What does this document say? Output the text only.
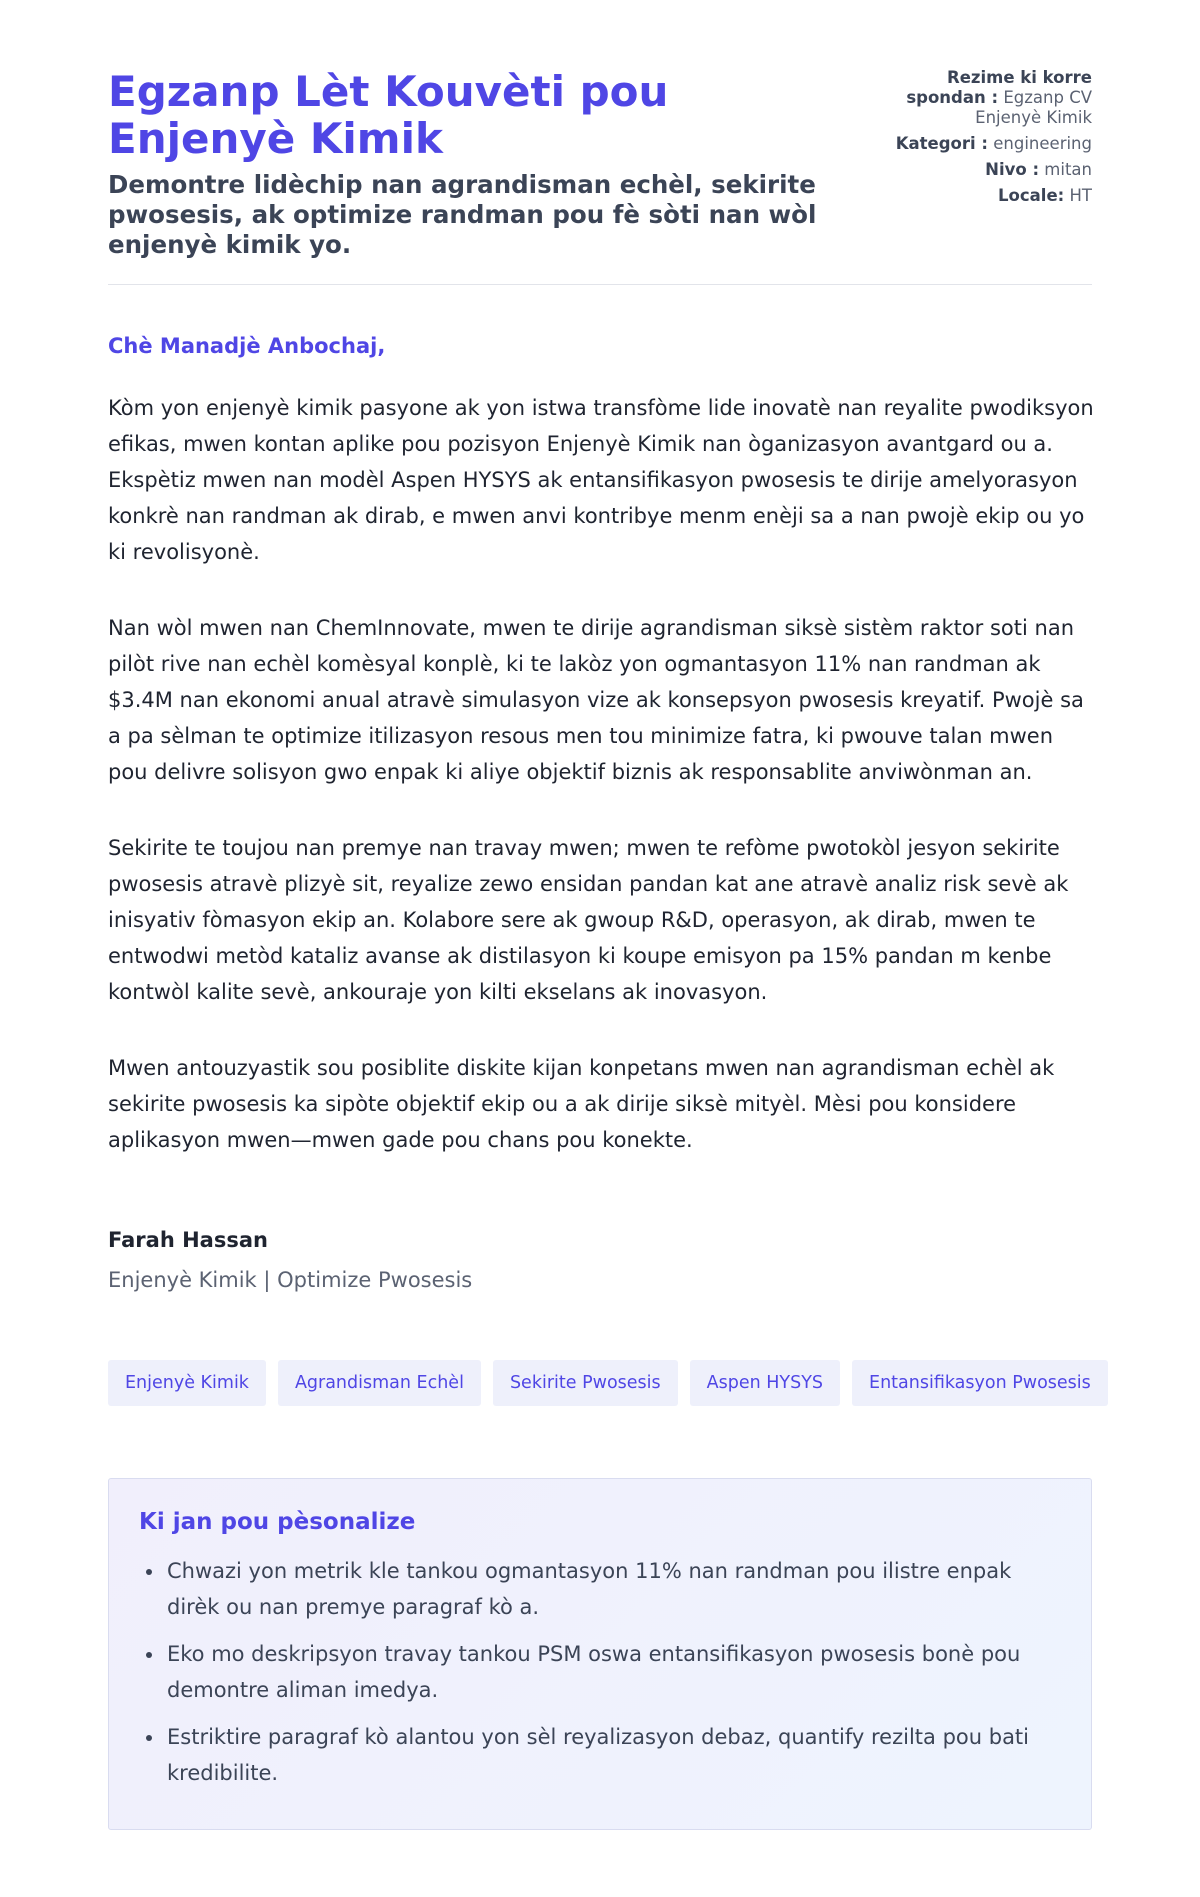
Egzanp Lèt Kouvèti pou Enjenyè Kimik

Demontre lidèchip nan agrandisman echèl, sekirite pwosesis, ak optimize randman pou fè sòti nan wòl enjenyè kimik yo.

Rezime ki korre spondan : Egzanp CV Enjenyè Kimik
Kategori : engineering
Nivo : mitan
Locale: HT
Chè Manadjè Anbochaj,

Kòm yon enjenyè kimik pasyone ak yon istwa transfòme lide inovatè nan reyalite pwodiksyon efikas, mwen kontan aplike pou pozisyon Enjenyè Kimik nan òganizasyon avantgard ou a. Ekspètiz mwen nan modèl Aspen HYSYS ak entansifikasyon pwosesis te dirije amelyorasyon konkrè nan randman ak dirab, e mwen anvi kontribye menm enèji sa a nan pwojè ekip ou yo ki revolisyonè.

Nan wòl mwen nan ChemInnovate, mwen te dirije agrandisman siksè sistèm raktor soti nan pilòt rive nan echèl komèsyal konplè, ki te lakòz yon ogmantasyon 11% nan randman ak $3.4M nan ekonomi anual atravè simulasyon vize ak konsepsyon pwosesis kreyatif. Pwojè sa a pa sèlman te optimize itilizasyon resous men tou minimize fatra, ki pwouve talan mwen pou delivre solisyon gwo enpak ki aliye objektif biznis ak responsablite anviwònman an.

Sekirite te toujou nan premye nan travay mwen; mwen te refòme pwotokòl jesyon sekirite pwosesis atravè plizyè sit, reyalize zewo ensidan pandan kat ane atravè analiz risk sevè ak inisyativ fòmasyon ekip an. Kolabore sere ak gwoup R&D, operasyon, ak dirab, mwen te entwodwi metòd kataliz avanse ak distilasyon ki koupe emisyon pa 15% pandan m kenbe kontwòl kalite sevè, ankouraje yon kilti ekselans ak inovasyon.

Mwen antouzyastik sou posiblite diskite kijan konpetans mwen nan agrandisman echèl ak sekirite pwosesis ka sipòte objektif ekip ou a ak dirije siksè mityèl. Mèsi pou konsidere aplikasyon mwen—mwen gade pou chans pou konekte.

Farah Hassan
Enjenyè Kimik | Optimize Pwosesis
Enjenyè Kimik	Agrandisman Echèl	Sekirite Pwosesis	Aspen HYSYS	Entansifikasyon Pwosesis
Ki jan pou pèsonalize
• Chwazi yon metrik kle tankou ogmantasyon 11% nan randman pou ilistre enpak dirèk ou nan premye paragraf kò a.
• Eko mo deskripsyon travay tankou PSM oswa entansifikasyon pwosesis bonè pou demontre aliman imedya.
• Estriktire paragraf kò alantou yon sèl reyalizasyon debaz, quantify rezilta pou bati kredibilite.
